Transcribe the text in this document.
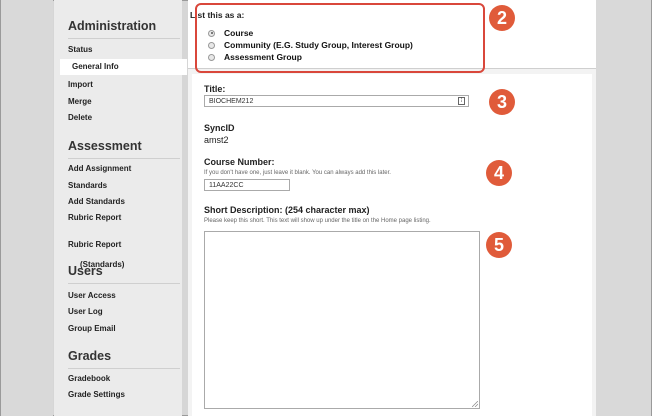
Administration
Status
General Info
Import
Merge
Delete
Assessment
Add Assignment
Standards
Add Standards
Rubric Report

Rubric Report

(Standards)

Users
User Access
User Log
Group Email
Grades
Gradebook
Grade Settings
List this as a:
Course
Community (E.G. Study Group, Interest Group)
Assessment Group
Title:
BIOCHEM212	⁞
SyncID
amst2
Course Number:
If you don't have one, just leave it blank. You can always add this later.
11AA22CC
Short Description: (254 character max)
Please keep this short. This text will show up under the title on the Home page listing.
2
3
4
5
